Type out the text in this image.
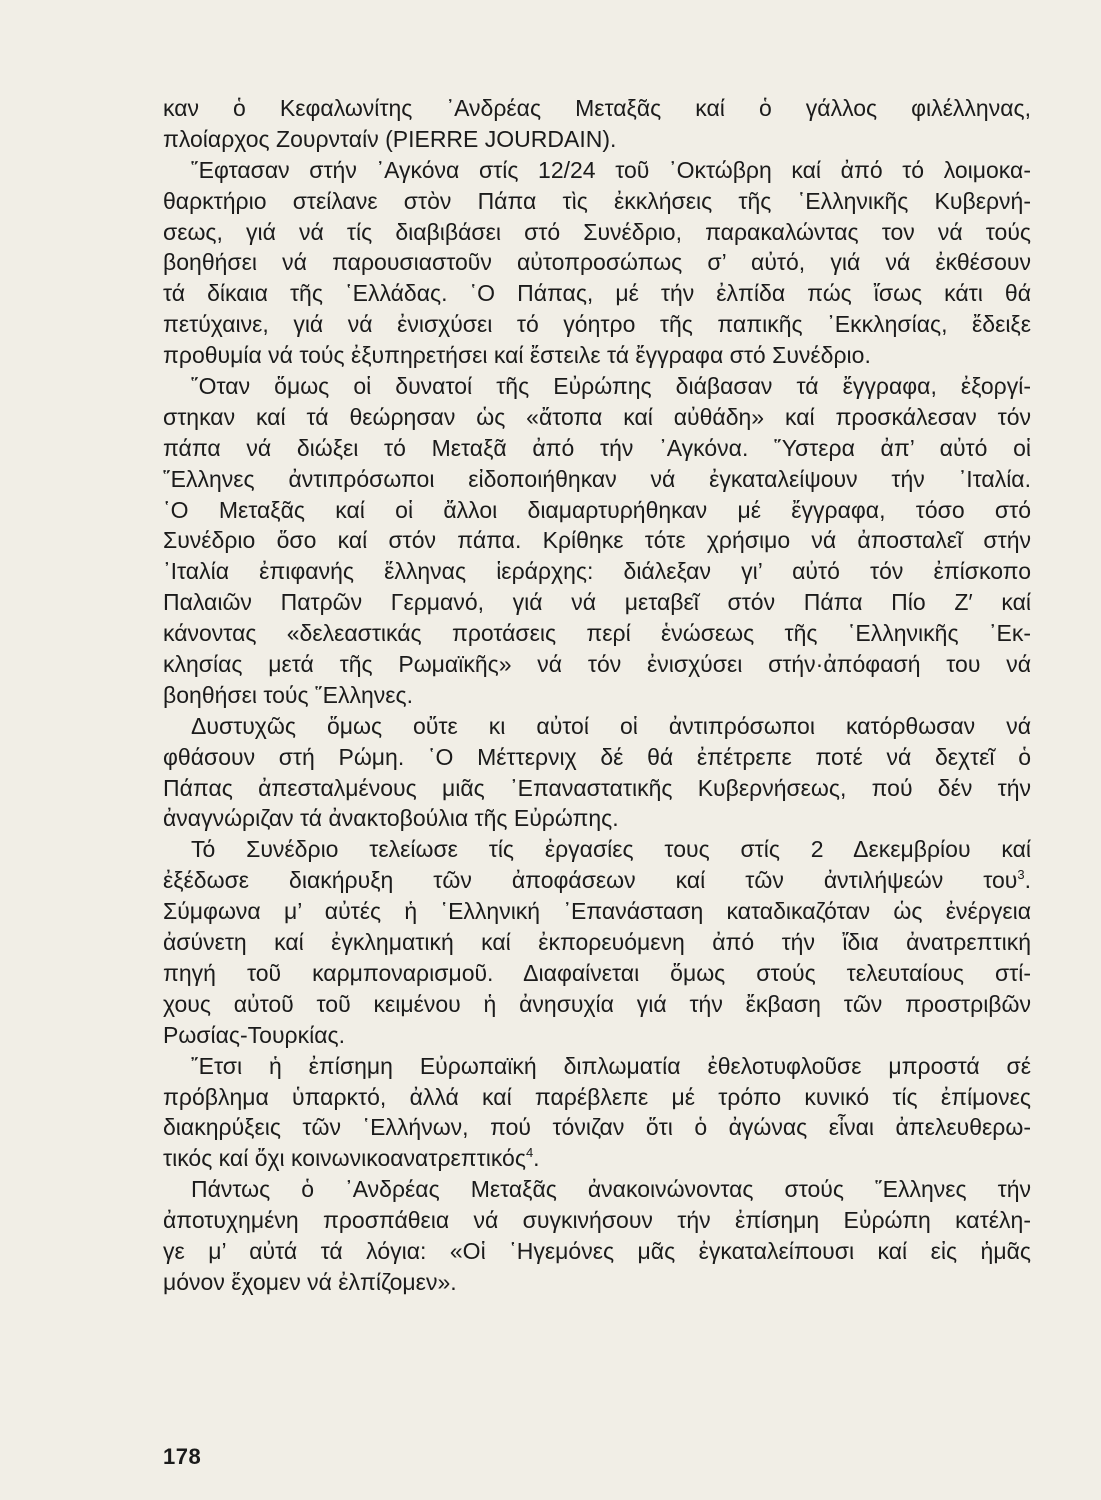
καν ὁ Κεφαλωνίτης ᾿Ανδρέας Μεταξᾶς καί ὁ γάλλος φιλέλληνας,
πλοίαρχος Ζουρνταίν (PIERRE JOURDAIN).
῞Εφτασαν στήν ᾿Αγκόνα στίς 12/24 τοῦ ᾿Οκτώβρη καί ἀπό τό λοιμοκα-
θαρκτήριο στείλανε στὸν Πάπα τὶς ἐκκλήσεις τῆς ῾Ελληνικῆς Κυβερνή-
σεως, γιά νά τίς διαβιβάσει στό Συνέδριο, παρακαλώντας τον νά τούς
βοηθήσει νά παρουσιαστοῦν αὐτοπροσώπως σ’ αὐτό, γιά νά ἐκθέσουν
τά δίκαια τῆς ῾Ελλάδας. ῾Ο Πάπας, μέ τήν ἐλπίδα πώς ἴσως κάτι θά
πετύχαινε, γιά νά ἐνισχύσει τό γόητρο τῆς παπικῆς ᾿Εκκλησίας, ἔδειξε
προθυμία νά τούς ἐξυπηρετήσει καί ἔστειλε τά ἔγγραφα στό Συνέδριο.
῞Οταν ὅμως οἱ δυνατοί τῆς Εὐρώπης διάβασαν τά ἔγγραφα, ἐξοργί-
στηκαν καί τά θεώρησαν ὡς «ἄτοπα καί αὐθάδη» καί προσκάλεσαν τόν
πάπα νά διώξει τό Μεταξᾶ ἀπό τήν ᾿Αγκόνα. ῞Υστερα ἀπ’ αὐτό οἱ
῞Ελληνες ἀντιπρόσωποι εἰδοποιήθηκαν νά ἐγκαταλείψουν τήν ᾿Ιταλία.
῾Ο Μεταξᾶς καί οἱ ἄλλοι διαμαρτυρήθηκαν μέ ἔγγραφα, τόσο στό
Συνέδριο ὅσο καί στόν πάπα. Κρίθηκε τότε χρήσιμο νά ἀποσταλεῖ στήν
᾿Ιταλία ἐπιφανής ἕλληνας ἱεράρχης: διάλεξαν γι’ αὐτό τόν ἐπίσκοπο
Παλαιῶν Πατρῶν Γερμανό, γιά νά μεταβεῖ στόν Πάπα Πίο Ζ′ καί
κάνοντας «δελεαστικάς προτάσεις περί ἑνώσεως τῆς ῾Ελληνικῆς ᾿Εκ-
κλησίας μετά τῆς Ρωμαϊκῆς» νά τόν ἐνισχύσει στήν·ἀπόφασή του νά
βοηθήσει τούς ῞Ελληνες.
Δυστυχῶς ὅμως οὔτε κι αὐτοί οἱ ἀντιπρόσωποι κατόρθωσαν νά
φθάσουν στή Ρώμη. ῾Ο Μέττερνιχ δέ θά ἐπέτρεπε ποτέ νά δεχτεῖ ὁ
Πάπας ἀπεσταλμένους μιᾶς ᾿Επαναστατικῆς Κυβερνήσεως, πού δέν τήν
ἀναγνώριζαν τά ἀνακτοβούλια τῆς Εὐρώπης.
Τό Συνέδριο τελείωσε τίς ἐργασίες τους στίς 2 Δεκεμβρίου καί
ἐξέδωσε διακήρυξη τῶν ἀποφάσεων καί τῶν ἀντιλήψεών του$^3$.
Σύμφωνα μ’ αὐτές ἡ ῾Ελληνική ᾿Επανάσταση καταδικαζόταν ὡς ἐνέργεια
ἀσύνετη καί ἐγκληματική καί ἐκπορευόμενη ἀπό τήν ἴδια ἀνατρεπτική
πηγή τοῦ καρμποναρισμοῦ. Διαφαίνεται ὅμως στούς τελευταίους στί-
χους αὐτοῦ τοῦ κειμένου ἡ ἀνησυχία γιά τήν ἔκβαση τῶν προστριβῶν
Ρωσίας-Τουρκίας.
῎Ετσι ἡ ἐπίσημη Εὐρωπαϊκή διπλωματία ἐθελοτυφλοῦσε μπροστά σέ
πρόβλημα ὑπαρκτό, ἀλλά καί παρέβλεπε μέ τρόπο κυνικό τίς ἐπίμονες
διακηρύξεις τῶν ῾Ελλήνων, πού τόνιζαν ὅτι ὁ ἀγώνας εἶναι ἀπελευθερω-
τικός καί ὄχι κοινωνικοανατρεπτικός$^4$.
Πάντως ὁ ᾿Ανδρέας Μεταξᾶς ἀνακοινώνοντας στούς ῞Ελληνες τήν
ἀποτυχημένη προσπάθεια νά συγκινήσουν τήν ἐπίσημη Εὐρώπη κατέλη-
γε μ’ αὐτά τά λόγια: «Οἱ ῾Ηγεμόνες μᾶς ἐγκαταλείπουσι καί εἰς ἡμᾶς
μόνον ἔχομεν νά ἐλπίζομεν».
178
